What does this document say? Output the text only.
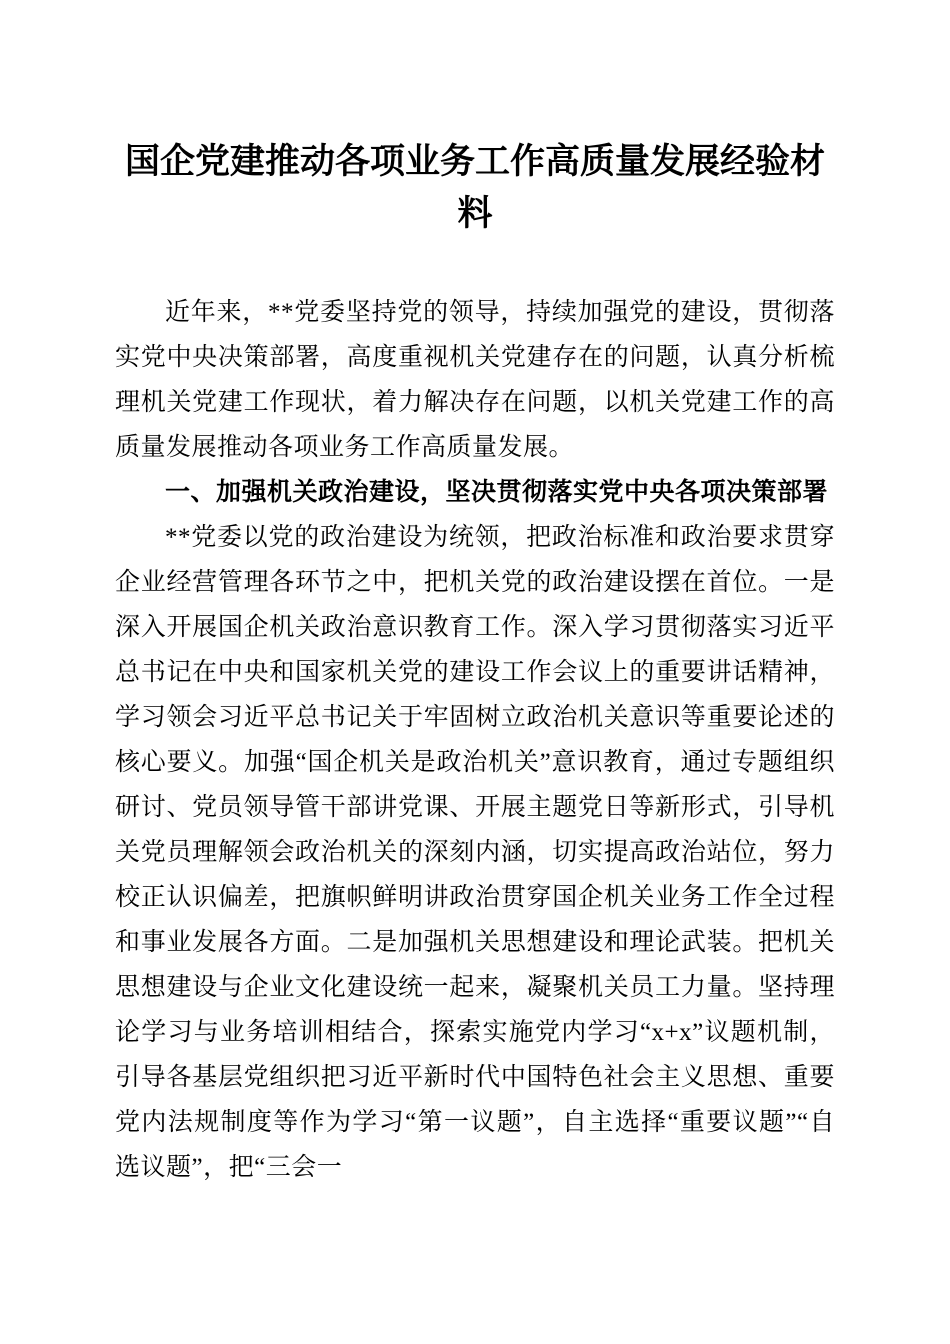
国企党建推动各项业务工作高质量发展经验材料

近年来，**党委坚持党的领导，持续加强党的建设，贯彻落实党中央决策部署，高度重视机关党建存在的问题，认真分析梳理机关党建工作现状，着力解决存在问题，以机关党建工作的高质量发展推动各项业务工作高质量发展。

一、加强机关政治建设，坚决贯彻落实党中央各项决策部署

**党委以党的政治建设为统领，把政治标准和政治要求贯穿企业经营管理各环节之中，把机关党的政治建设摆在首位。一是深入开展国企机关政治意识教育工作。深入学习贯彻落实习近平总书记在中央和国家机关党的建设工作会议上的重要讲话精神，学习领会习近平总书记关于牢固树立政治机关意识等重要论述的核心要义。加强“国企机关是政治机关”意识教育，通过专题组织研讨、党员领导管干部讲党课、开展主题党日等新形式，引导机关党员理解领会政治机关的深刻内涵，切实提高政治站位，努力校正认识偏差，把旗帜鲜明讲政治贯穿国企机关业务工作全过程和事业发展各方面。二是加强机关思想建设和理论武装。把机关思想建设与企业文化建设统一起来，凝聚机关员工力量。坚持理论学习与业务培训相结合，探索实施党内学习“x+x”议题机制，引导各基层党组织把习近平新时代中国特色社会主义思想、重要党内法规制度等作为学习“第一议题”，自主选择“重要议题”“自选议题”，把“三会一
